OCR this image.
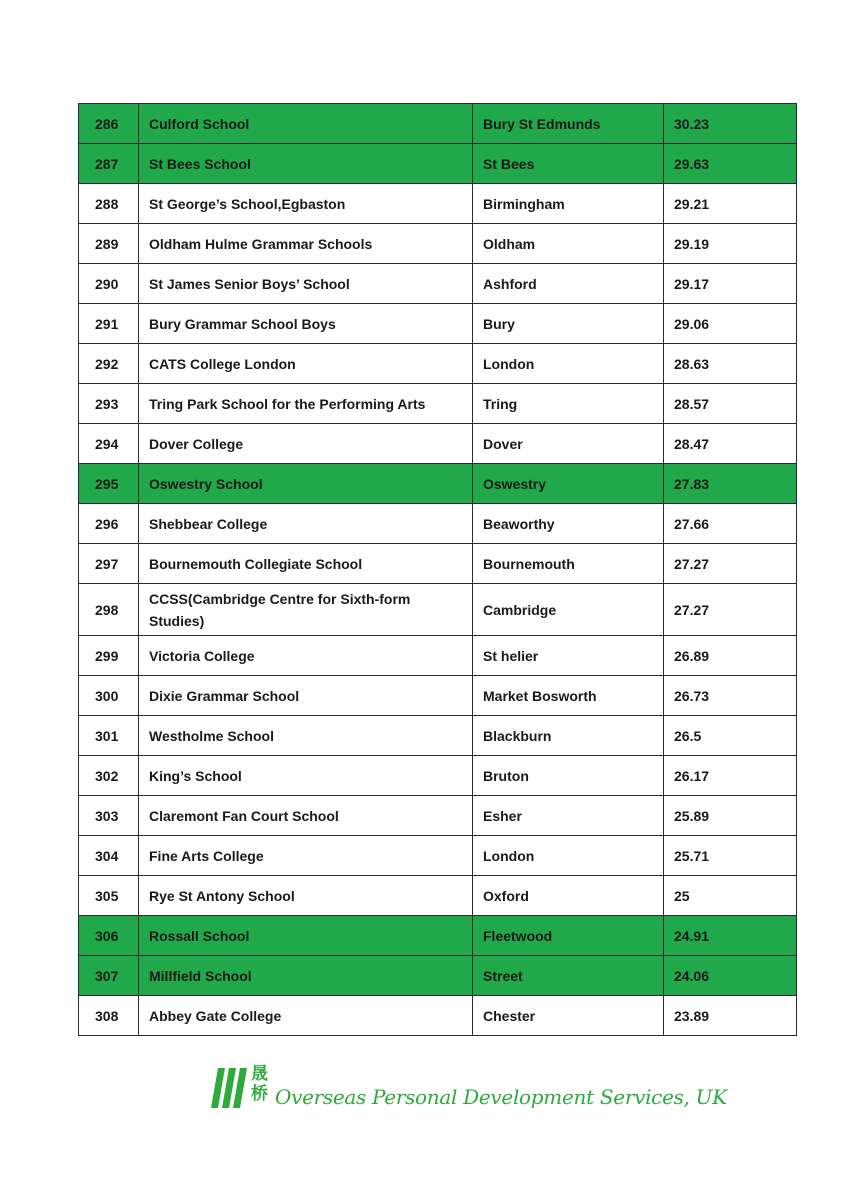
286	Culford School	Bury St Edmunds	30.23
287	St Bees School	St Bees	29.63
288	St George’s School,Egbaston	Birmingham	29.21
289	Oldham Hulme Grammar Schools	Oldham	29.19
290	St James Senior Boys’ School	Ashford	29.17
291	Bury Grammar School Boys	Bury	29.06
292	CATS College London	London	28.63
293	Tring Park School for the Performing Arts	Tring	28.57
294	Dover College	Dover	28.47
295	Oswestry School	Oswestry	27.83
296	Shebbear College	Beaworthy	27.66
297	Bournemouth Collegiate School	Bournemouth	27.27
298	CCSS(Cambridge Centre for Sixth-form Studies)	Cambridge	27.27
299	Victoria College	St helier	26.89
300	Dixie Grammar School	Market Bosworth	26.73
301	Westholme School	Blackburn	26.5
302	King’s School	Bruton	26.17
303	Claremont Fan Court School	Esher	25.89
304	Fine Arts College	London	25.71
305	Rye St Antony School	Oxford	25
306	Rossall School	Fleetwood	24.91
307	Millfield School	Street	24.06
308	Abbey Gate College	Chester	23.89
晟
桥 Overseas Personal Development Services, UK
